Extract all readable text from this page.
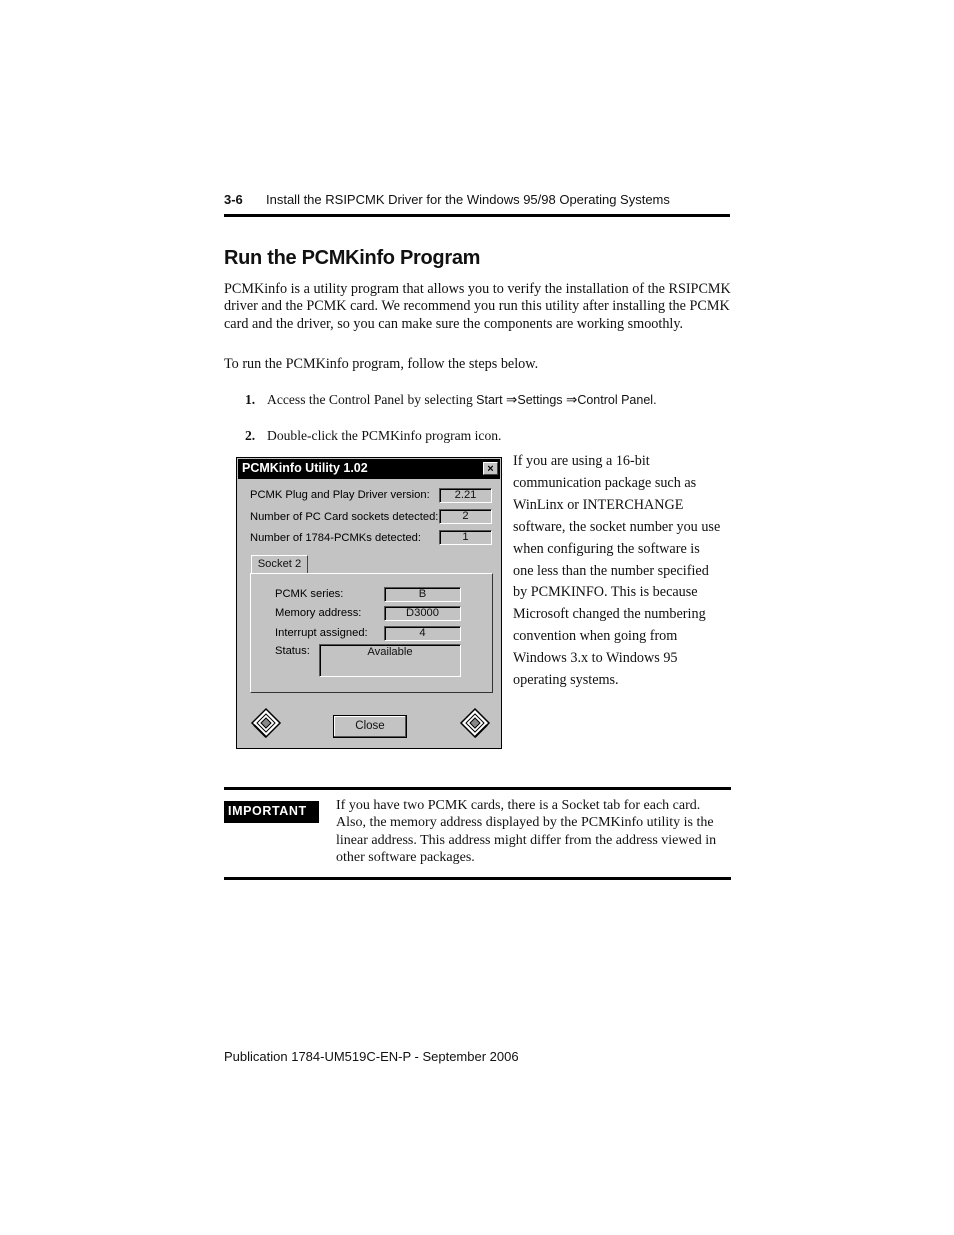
3-6 Install the RSIPCMK Driver for the Windows 95/98 Operating Systems
Run the PCMKinfo Program
PCMKinfo is a utility program that allows you to verify the installation of the RSIPCMK driver and the PCMK card. We recommend you run this utility after installing the PCMK card and the driver, so you can make sure the components are working smoothly.
To run the PCMKinfo program, follow the steps below.
1. Access the Control Panel by selecting Start ⇒Settings ⇒Control Panel.
2. Double-click the PCMKinfo program icon.
PCMKinfo Utility 1.02	×
PCMK Plug and Play Driver version:	2.21
Number of PC Card sockets detected:	2
Number of 1784-PCMKs detected:	1
Socket 2
PCMK series:	B
Memory address:	D3000
Interrupt assigned:	4
Status:	Available
Close
If you are using a 16-bit communication package such as WinLinx or INTERCHANGE software, the socket number you use when configuring the software is one less than the number specified by PCMKINFO. This is because Microsoft changed the numbering convention when going from Windows 3.x to Windows 95 operating systems.
IMPORTANT	If you have two PCMK cards, there is a Socket tab for each card. Also, the memory address displayed by the PCMKinfo utility is the linear address. This address might differ from the address viewed in other software packages.
Publication 1784-UM519C-EN-P - September 2006
